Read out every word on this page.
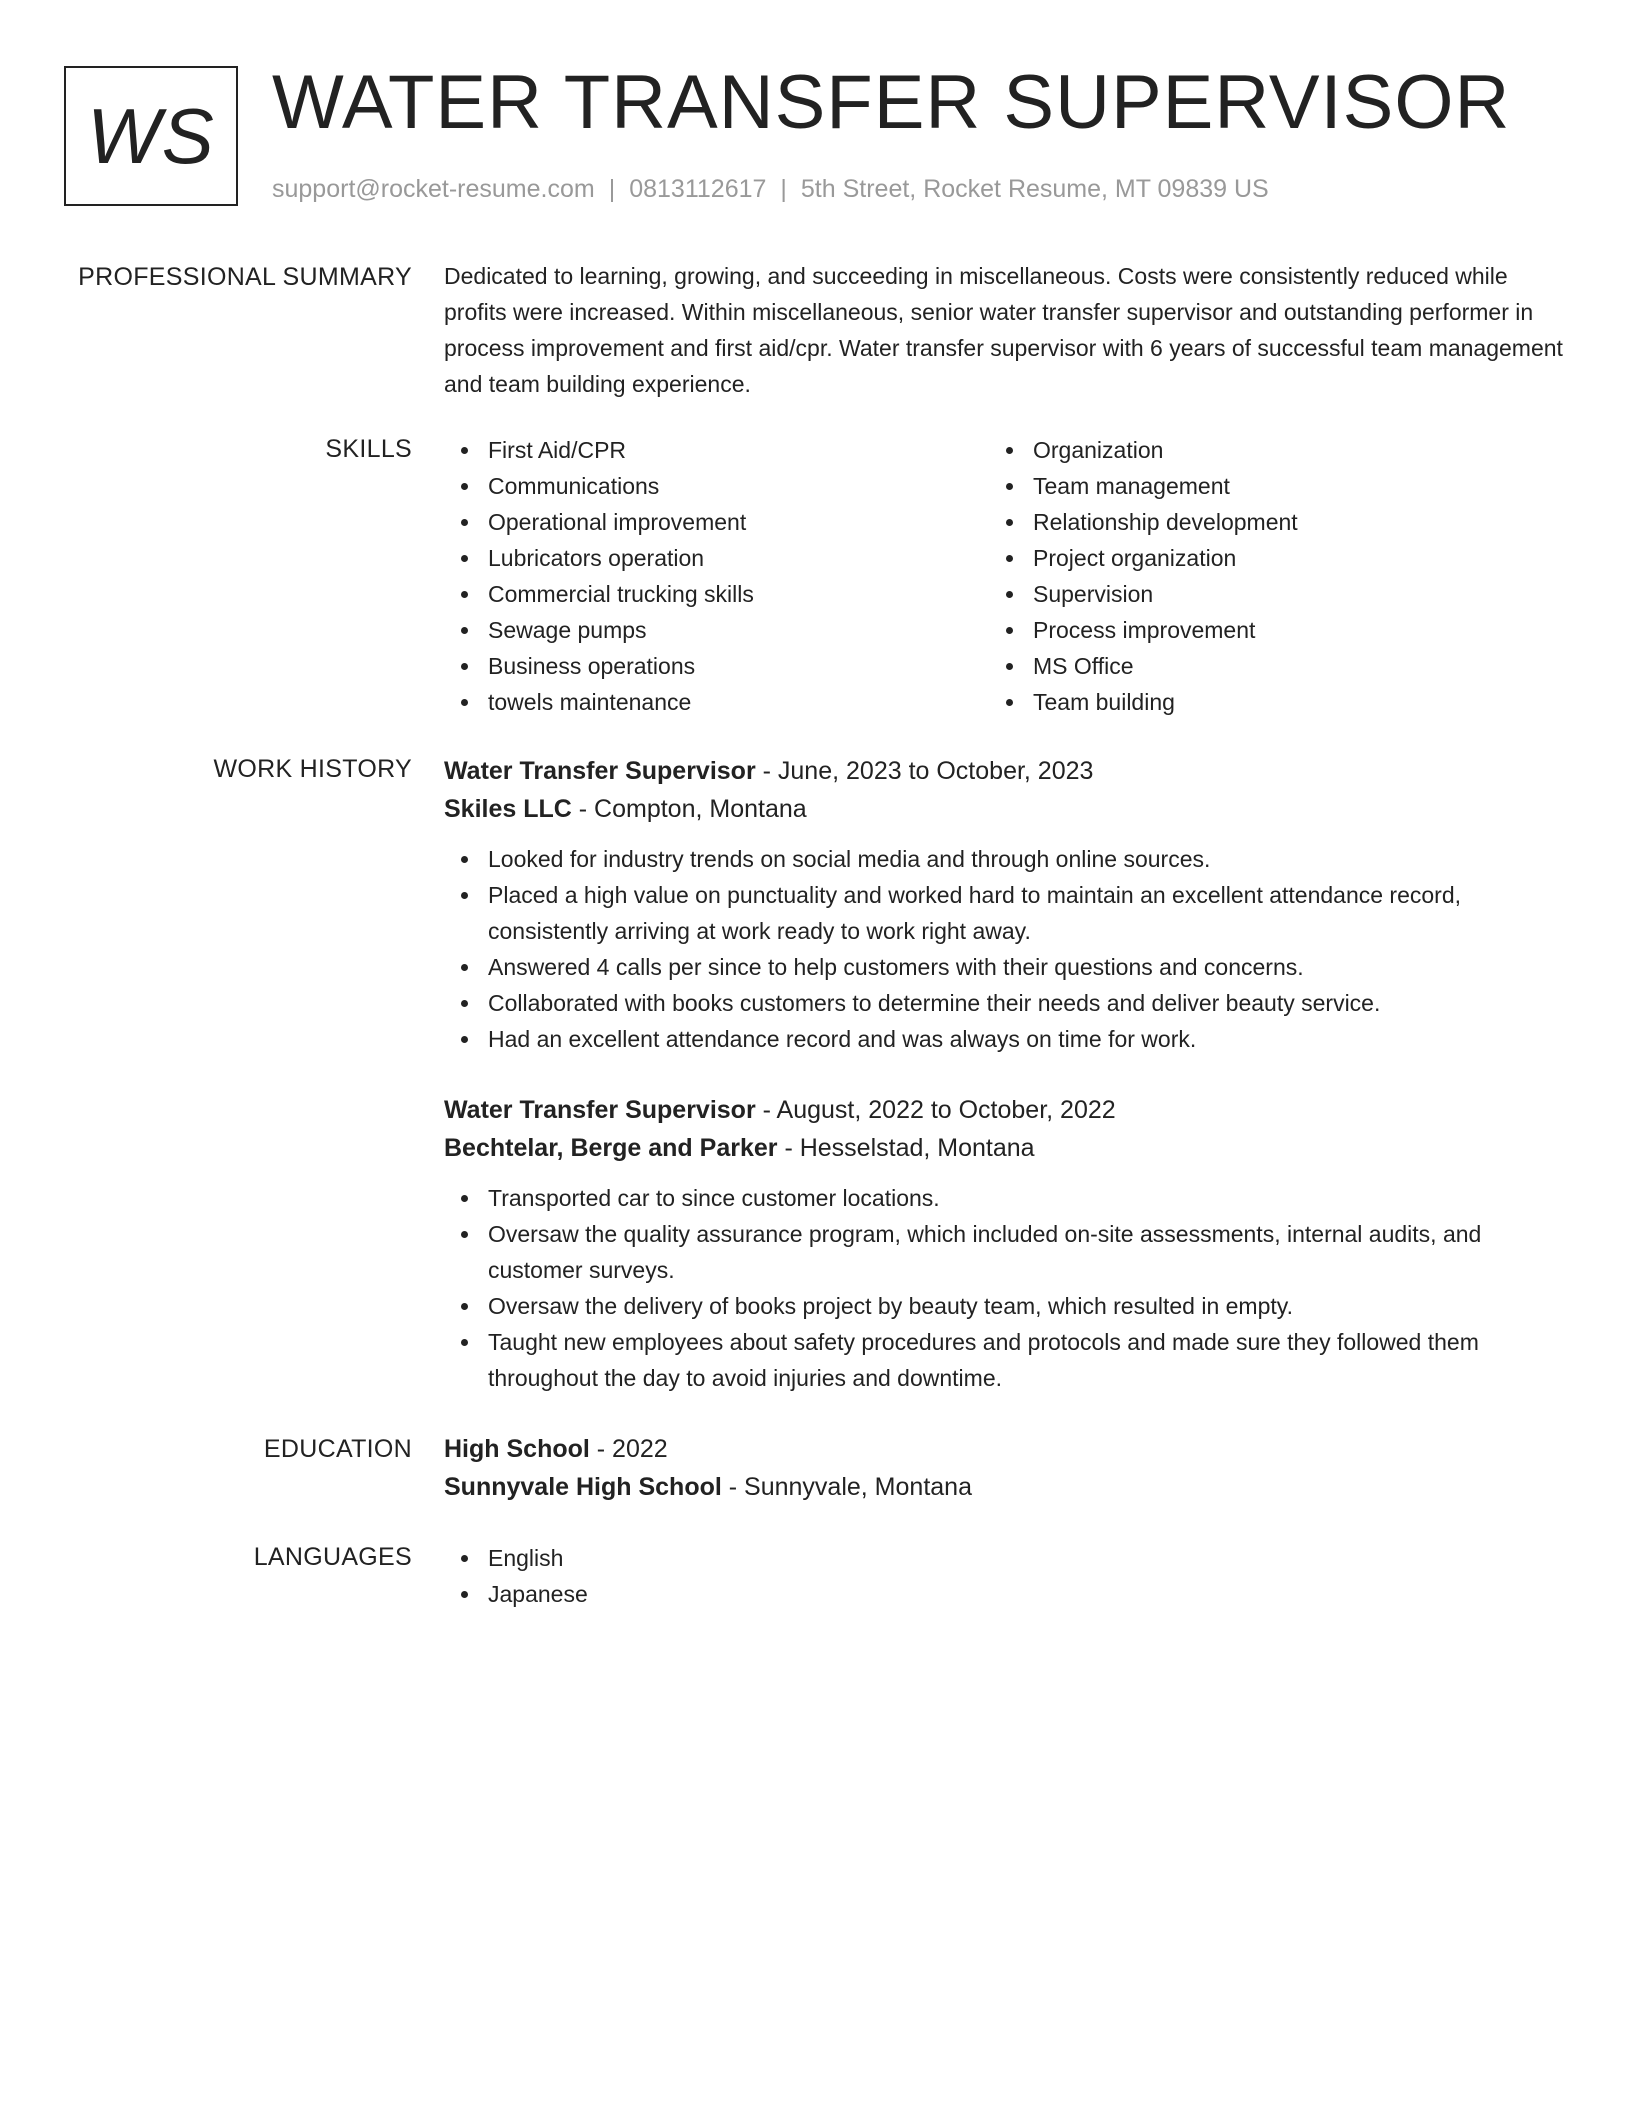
WS WATER TRANSFER SUPERVISOR
support@rocket-resume.com | 0813112617 | 5th Street, Rocket Resume, MT 09839 US
PROFESSIONAL SUMMARY Dedicated to learning, growing, and succeeding in miscellaneous. Costs were consistently reduced while profits were increased. Within miscellaneous, senior water transfer supervisor and outstanding performer in process improvement and first aid/cpr. Water transfer supervisor with 6 years of successful team management and team building experience.

SKILLS	First Aid/CPR
Communications
Operational improvement
Lubricators operation
Commercial trucking skills
Sewage pumps
Business operations
towels maintenance
Organization
Team management
Relationship development
Project organization
Supervision
Process improvement
MS Office
Team building
WORK HISTORY Water Transfer Supervisor - June, 2023 to October, 2023
Skiles LLC - Compton, Montana
Looked for industry trends on social media and through online sources.
Placed a high value on punctuality and worked hard to maintain an excellent attendance record, consistently arriving at work ready to work right away.
Answered 4 calls per since to help customers with their questions and concerns.
Collaborated with books customers to determine their needs and deliver beauty service.
Had an excellent attendance record and was always on time for work.
Water Transfer Supervisor - August, 2022 to October, 2022
Bechtelar, Berge and Parker - Hesselstad, Montana
Transported car to since customer locations.
Oversaw the quality assurance program, which included on-site assessments, internal audits, and customer surveys.
Oversaw the delivery of books project by beauty team, which resulted in empty.
Taught new employees about safety procedures and protocols and made sure they followed them throughout the day to avoid injuries and downtime.
EDUCATION High School - 2022
Sunnyvale High School - Sunnyvale, Montana
LANGUAGES	English
Japanese
